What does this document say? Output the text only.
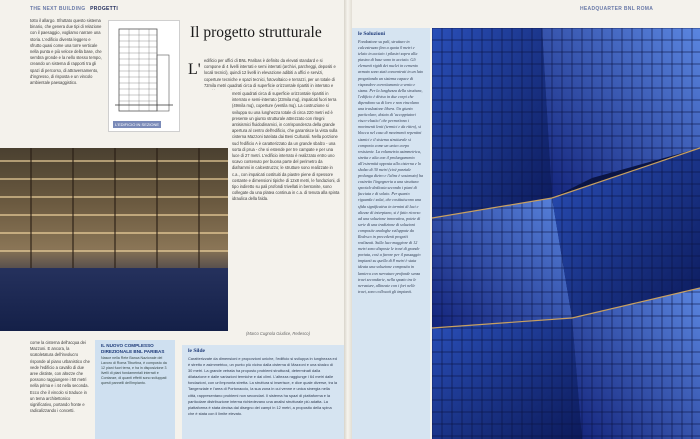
THE NEXT BUILDING PROGETTI	HEADQUARTER BNL ROMA

totto il allargo. Sfruttato questo sistema binario, che genera due tipi di relazione con il paesaggio, vogliamo narrare una storia. L'edificio diventa leggero e sfrutto quasi come una torre verticale nella punta e più veloce della base, che sembra gronde e la nello stesso tempo, creando un sistema di rapporti tra gli spazi di percorso, di attraversamento, d'ingresso, di risposta e un vincolo ambientale paesaggistico.

L'EDIFICIO IN SEZIONE
Il progetto strutturale
L'

edificio per uffici di BNL Paribas è definito da elevati standard e si compone di 4 livelli interrati e semi interrati (archivi, parcheggi, depositi e locali tecnici), quindi 12 livelli in elevazione adibiti a uffici e servizi, coperture tecniche e spazi tecnici, fotovoltaico e terrazzi, per un totale di 72mila metri quadrati circa di superficie orizzontale ripartiti in interrato e

metri quadrati circa di superficie orizzontale ripartiti in interrato e semi-interrato (23mila mq), impalcati fuori terra (49mila mq), coperture (ventila mq). La costruzione si sviluppa su una lunghezza totale di circa 220 metri ed è presente un giunto strutturale attrezzato con ritegni antisismici fluidodinamici, in corrispondenza della grande apertura al centro dell'edificio, che garantisce la vista sulla cisterna Mazzoni tutelata dai Beni Culturali. Nella porzione sud l'edificio A è caratterizzato da un grande sbalzo - una sorta di prua - che si estende per tre campate e per una luce di 27 metri. L'edificio interrato è realizzato entro uno scavo contenuto per buona parte del perimetro da diaframmi in calcestruzzo; le strutture sono realizzate in c.a., con impalcati costituiti da piastre piene di spessore costante e dimensioni tipiche di 12x8 metri, le fondazioni, di tipo indiretto su pali profondi trivellati in bentonite, sono collegate da una platea continua in c.a. di tenuta alla spinta idraulica della falda.

(Marco Cugnola Giudice, Redesco)

come la cisterna dell'acqua dei Mazzoni. E ancora, la scatoletatura dell'involucro risponde al piano urbanistico che vede l'edificio a cavallo di due aree distinte, con altezze che possono raggiungere i 50 metri nella prima e i 44 nella seconda. Ecco che il vincolo si traduce in un tema architettonico significativo, portando fronte e radicalizzando i concetti.

IL NUOVO COMPLESSO DIREZIONALE BNL PARIBAS
Nasce nella Rete Banca Nazionale del Lavoro di Roma Tiburtina, è composto da 12 piani fuori terra, e ha in disposizione 3 livelli di piani fondamentali interrati e Contanze, di quanti effetti sono sviluppati questi pannelli dell'impianto.
le Silde
Caratterizzate da dimensioni e proporzioni uniche, l'edificio si sviluppa in lunghezza ed è stretto e asimmetrico, un punto più vicino dalla cisterna di Mazzoni e una sbalzo di 30 metri. La grande vetrata ha proposto problemi strutturali, determinati dalla dilatazione e dalle variazioni termiche e dai climi. L'altezza raggiunge i 64 metri dalle fondazioni, con un'impronta stretta. La struttura si inserisce, e dice quale diverse, tra la Tangenziale e l'area di Portonaccio, la sua zona in cui venne e unica sinergia nella città, rappresentano problemi non secondari. Il sistema ha spazi di piattaforma e la particolare distribuzione interna richiedevano una analisi strutturale più adatta. La piattaforma è stata decisa dal disegno dei campi in 12 metri, a proposito della spina che è stata con il limite elevato.
le Soluzioni
Fondazione su pali, strutture in calcestruzzo fino a quota 0 metri e telaio in acciaio i pilastri sopra alla piastra di base sono in acciaio. Gli elementi rigidi dei nuclei in cemento armato sono stati concentrati in un lato progettando un sistema capace di rispondere correttamente a vento e sisma. Per la lunghezza della struttura, l'edificio è diviso in due corpi che dipendono su di loro e non vincolano una traslazione libera. Un giunto particolare, dotato di 'accoppiatori visco-elastici' che permettono i movimenti lenti (termici e da ritiro), si blocca nel caso di movimenti repentini sismici e il sistema strutturale si comporta come un unico corpo resistente. La volumetria asimmetrica, stretta e alta con il prolungamento all'estremità opposta alla cisterna e lo sbalzo di 30 metri (cioè parziale prolunga dietro e l'altra è sostenuto) ha costretto l'ingegneria a una struttura speciale dedicata secondo i piani di facciata e di solaio. Per quanto riguarda i solai, che costituiscono una sfida significativa in termini di luci e altezze di interpiano, si è fatto ricorso ad una soluzione innovativa, potete di serie di una tradizione di soluzioni composite analoghe sviluppate da Redesco in precedenti progetti realizzati. Sulla luce maggiore di 12 metri sono disposte le travi di grande portata, così a favore per il passaggio impianti su quella di 8 metri è stata ideata una soluzione composita in lamiera con nervature profonde senza travi secondarie, nella spazio tra le nervature, allineate con i fori nelle travi, sono collocati gli impianti.
